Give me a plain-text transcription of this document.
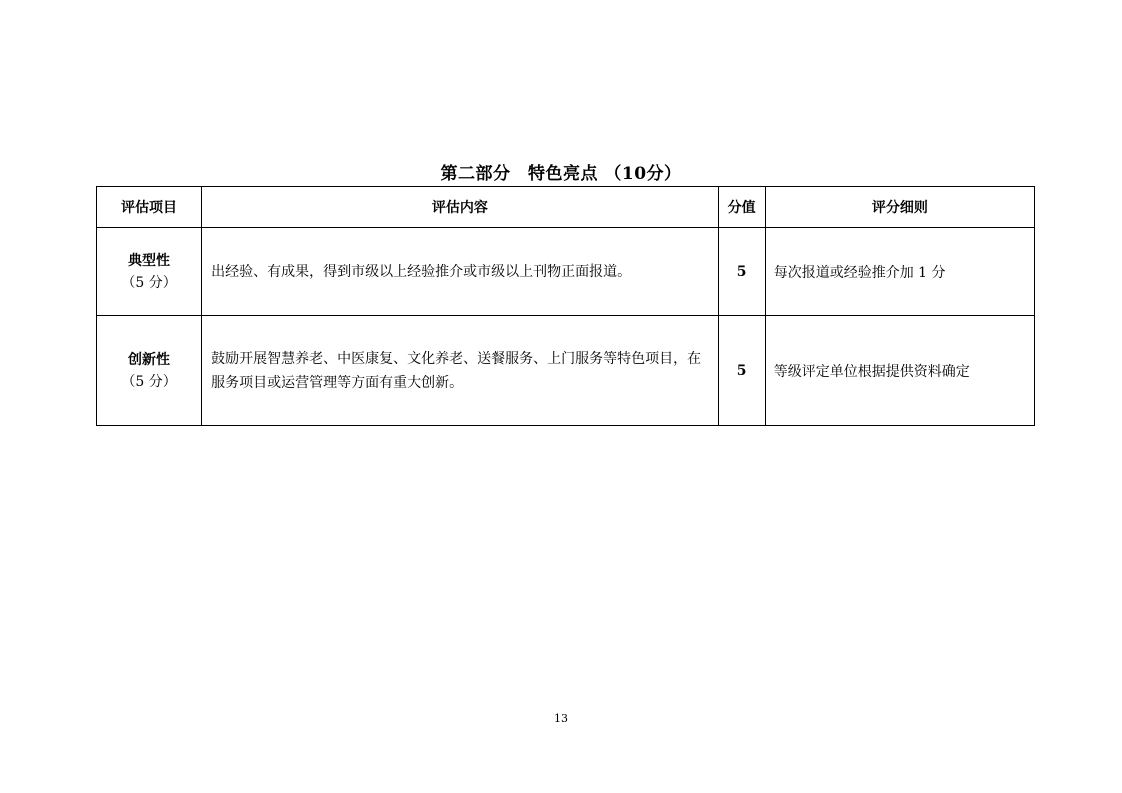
第二部分　特色亮点 （10分）
评估项目	评估内容	分值	评分细则

典型性
（5 分）	出经验、有成果，得到市级以上经验推介或市级以上刊物正面报道。	5	每次报道或经验推介加 1 分

创新性
（5 分）	鼓励开展智慧养老、中医康复、文化养老、送餐服务、上门服务等特色项目，在服务项目或运营管理等方面有重大创新。	5	等级评定单位根据提供资料确定
13
